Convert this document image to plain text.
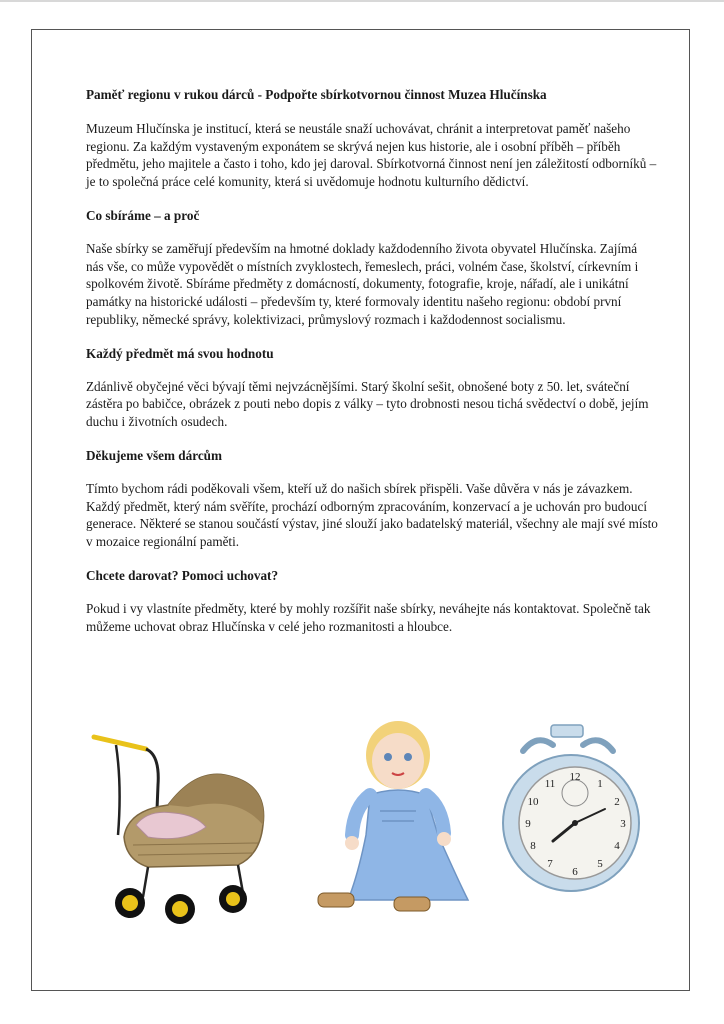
Paměť regionu v rukou dárců - Podpořte sbírkotvornou činnost Muzea Hlučínska

Muzeum Hlučínska je institucí, která se neustále snaží uchovávat, chránit a interpretovat paměť našeho regionu. Za každým vystaveným exponátem se skrývá nejen kus historie, ale i osobní příběh – příběh předmětu, jeho majitele a často i toho, kdo jej daroval. Sbírkotvorná činnost není jen záležitostí odborníků – je to společná práce celé komunity, která si uvědomuje hodnotu kulturního dědictví.

Co sbíráme – a proč

Naše sbírky se zaměřují především na hmotné doklady každodenního života obyvatel Hlučínska. Zajímá nás vše, co může vypovědět o místních zvyklostech, řemeslech, práci, volném čase, školství, církevním i spolkovém životě. Sbíráme předměty z domácností, dokumenty, fotografie, kroje, nářadí, ale i unikátní památky na historické události – především ty, které formovaly identitu našeho regionu: období první republiky, německé správy, kolektivizaci, průmyslový rozmach i každodennost socialismu.

Každý předmět má svou hodnotu

Zdánlivě obyčejné věci bývají těmi nejvzácnějšími. Starý školní sešit, obnošené boty z 50. let, sváteční zástěra po babičce, obrázek z pouti nebo dopis z války – tyto drobnosti nesou tichá svědectví o době, jejím duchu i životních osudech.

Děkujeme všem dárcům

Tímto bychom rádi poděkovali všem, kteří už do našich sbírek přispěli. Vaše důvěra v nás je závazkem. Každý předmět, který nám svěříte, prochází odborným zpracováním, konzervací a je uchován pro budoucí generace. Některé se stanou součástí výstav, jiné slouží jako badatelský materiál, všechny ale mají své místo v mozaice regionální paměti.

Chcete darovat? Pomoci uchovat?

Pokud i vy vlastníte předměty, které by mohly rozšířit naše sbírky, neváhejte nás kontaktovat. Společně tak můžeme uchovat obraz Hlučínska v celé jeho rozmanitosti a hloubce.

12
1
2
3
4
5
6
7
8
9
10
11
